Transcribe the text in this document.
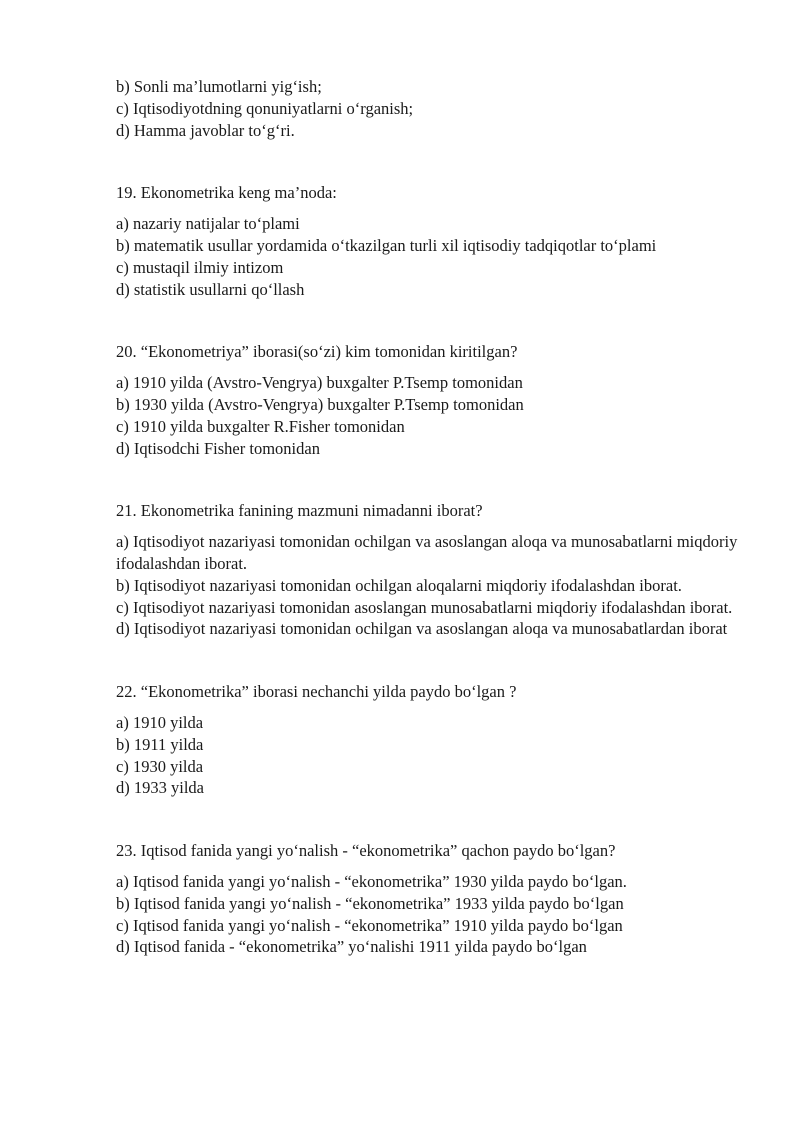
b) Sonli ma’lumotlarni yig‘ish;
c) Iqtisodiyotdning qonuniyatlarni o‘rganish;
d) Hamma javoblar to‘g‘ri.
19. Ekonometrika keng ma’noda:
a) nazariy natijalar to‘plami
b) matematik usullar yordamida o‘tkazilgan turli xil iqtisodiy tadqiqotlar to‘plami
c) mustaqil ilmiy intizom
d) statistik usullarni qo‘llash
20. “Ekonometriya” iborasi(so‘zi) kim tomonidan kiritilgan?
a) 1910 yilda (Avstro-Vengrya) buxgalter P.Tsemp tomonidan
b) 1930 yilda (Avstro-Vengrya) buxgalter P.Tsemp tomonidan
c) 1910 yilda buxgalter R.Fisher tomonidan
d) Iqtisodchi Fisher tomonidan
21. Ekonometrika fanining mazmuni nimadanni iborat?
a) Iqtisodiyot nazariyasi tomonidan ochilgan va asoslangan aloqa va munosabatlarni miqdoriy ifodalashdan iborat.
b) Iqtisodiyot nazariyasi tomonidan ochilgan aloqalarni miqdoriy ifodalashdan iborat.
c) Iqtisodiyot nazariyasi tomonidan asoslangan munosabatlarni miqdoriy ifodalashdan iborat.
d) Iqtisodiyot nazariyasi tomonidan ochilgan va asoslangan aloqa va munosabatlardan iborat
22. “Ekonometrika” iborasi nechanchi yilda paydo bo‘lgan ?
a) 1910 yilda
b) 1911 yilda
c) 1930 yilda
d) 1933 yilda
23. Iqtisod fanida yangi yo‘nalish - “ekonometrika” qachon paydo bo‘lgan?
a) Iqtisod fanida yangi yo‘nalish - “ekonometrika” 1930 yilda paydo bo‘lgan.
b) Iqtisod fanida yangi yo‘nalish - “ekonometrika” 1933 yilda paydo bo‘lgan
c) Iqtisod fanida yangi yo‘nalish - “ekonometrika” 1910 yilda paydo bo‘lgan
d) Iqtisod fanida - “ekonometrika” yo‘nalishi 1911 yilda paydo bo‘lgan
